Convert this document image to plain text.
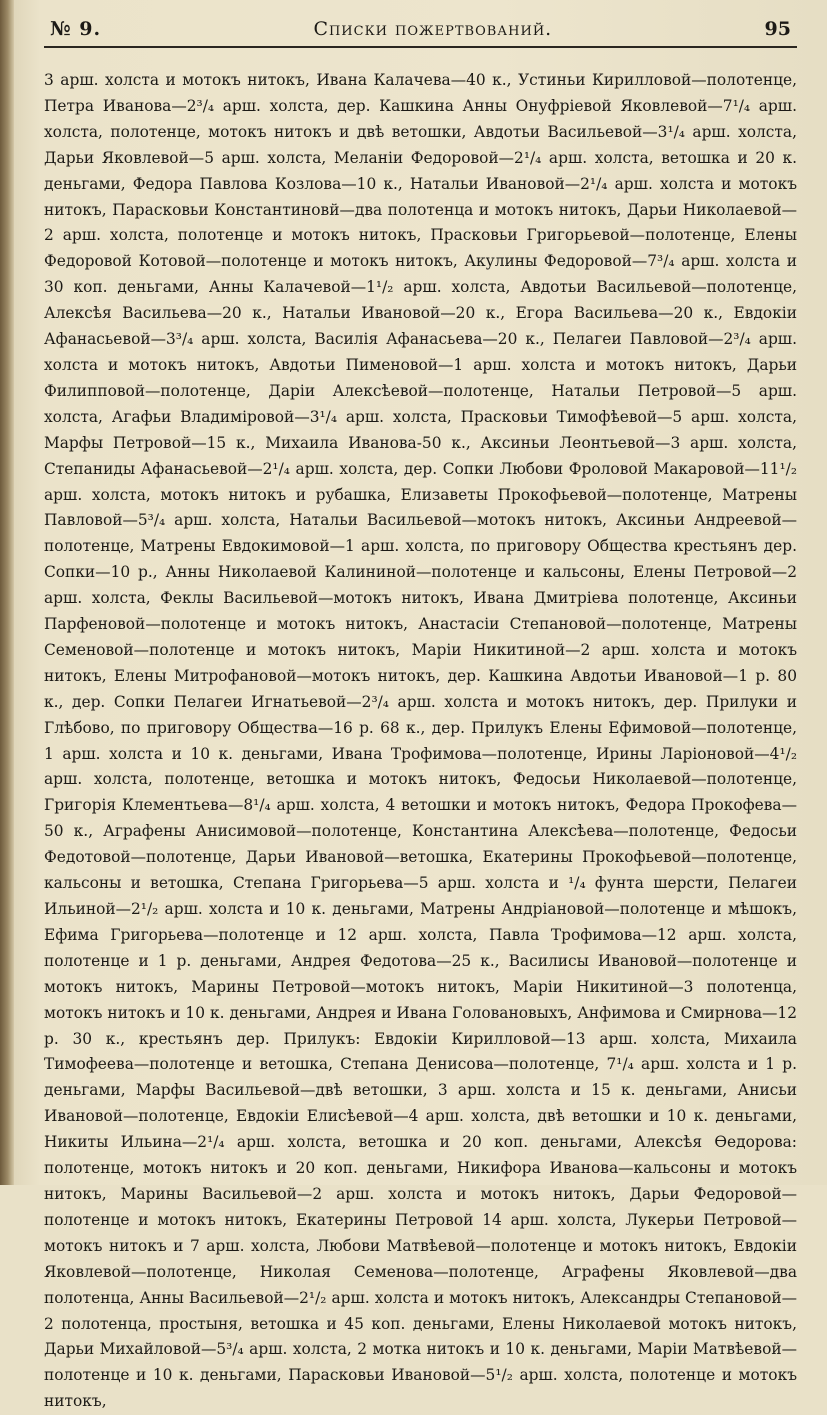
№ 9.	Списки пожертвований.	95
3 арш. холста и мотокъ нитокъ, Ивана Калачева—40 к., Устиньи Кирилловой—полотенце, Петра Иванова—2³/₄ арш. холста, дер. Кашкина Анны Онуфріевой Яковлевой—7¹/₄ арш. холста, полотенце, мотокъ нитокъ и двѣ ветошки, Авдотьи Васильевой—3¹/₄ арш. холста, Дарьи Яковлевой—5 арш. холста, Меланіи Федоровой—2¹/₄ арш. холста, ветошка и 20 к. деньгами, Федора Павлова Козлова—10 к., Натальи Ивановой—2¹/₄ арш. холста и мотокъ нитокъ, Парасковьи Константиновй—два полотенца и мотокъ нитокъ, Дарьи Николаевой—2 арш. холста, полотенце и мотокъ нитокъ, Прасковьи Григорьевой—полотенце, Елены Федоровой Котовой—полотенце и мотокъ нитокъ, Акулины Федоровой—7³/₄ арш. холста и 30 коп. деньгами, Анны Калачевой—1¹/₂ арш. холста, Авдотьи Васильевой—полотенце, Алексѣя Васильева—20 к., Натальи Ивановой—20 к., Егора Васильева—20 к., Евдокіи Афанасьевой—3³/₄ арш. холста, Василія Афанасьева—20 к., Пелагеи Павловой—2³/₄ арш. холста и мотокъ нитокъ, Авдотьи Пименовой—1 арш. холста и мотокъ нитокъ, Дарьи Филипповой—полотенце, Даріи Алексѣевой—полотенце, Натальи Петровой—5 арш. холста, Агафьи Владиміровой—3¹/₄ арш. холста, Прасковьи Тимофѣевой—5 арш. холста, Марфы Петровой—15 к., Михаила Иванова-50 к., Аксиньи Леонтьевой—3 арш. холста, Степаниды Афанасьевой—2¹/₄ арш. холста, дер. Сопки Любови Фроловой Макаровой—11¹/₂ арш. холста, мотокъ нитокъ и рубашка, Елизаветы Прокофьевой—полотенце, Матрены Павловой—5³/₄ арш. холста, Натальи Васильевой—мотокъ нитокъ, Аксиньи Андреевой—полотенце, Матрены Евдокимовой—1 арш. холста, по приговору Общества крестьянъ дер. Сопки—10 р., Анны Николаевой Калининой—полотенце и кальсоны, Елены Петровой—2 арш. холста, Феклы Васильевой—мотокъ нитокъ, Ивана Дмитріева полотенце, Аксиньи Парфеновой—полотенце и мотокъ нитокъ, Анастасіи Степановой—полотенце, Матрены Семеновой—полотенце и мотокъ нитокъ, Маріи Никитиной—2 арш. холста и мотокъ нитокъ, Елены Митрофановой—мотокъ нитокъ, дер. Кашкина Авдотьи Ивановой—1 р. 80 к., дер. Сопки Пелагеи Игнатьевой—2³/₄ арш. холста и мотокъ нитокъ, дер. Прилуки и Глѣбово, по приговору Общества—16 р. 68 к., дер. Прилукъ Елены Ефимовой—полотенце, 1 арш. холста и 10 к. деньгами, Ивана Трофимова—полотенце, Ирины Ларіоновой—4¹/₂ арш. холста, полотенце, ветошка и мотокъ нитокъ, Федосьи Николаевой—полотенце, Григорія Клементьева—8¹/₄ арш. холста, 4 ветошки и мотокъ нитокъ, Федора Прокофева—50 к., Аграфены Анисимовой—полотенце, Константина Алексѣева—полотенце, Федосьи Федотовой—полотенце, Дарьи Ивановой—ветошка, Екатерины Прокофьевой—полотенце, кальсоны и ветошка, Степана Григорьева—5 арш. холста и ¹/₄ фунта шерсти, Пелагеи Ильиной—2¹/₂ арш. холста и 10 к. деньгами, Матрены Андріановой—полотенце и мѣшокъ, Ефима Григорьева—полотенце и 12 арш. холста, Павла Трофимова—12 арш. холста, полотенце и 1 р. деньгами, Андрея Федотова—25 к., Василисы Ивановой—полотенце и мотокъ нитокъ, Марины Петровой—мотокъ нитокъ, Маріи Никитиной—3 полотенца, мотокъ нитокъ и 10 к. деньгами, Андрея и Ивана Головановыхъ, Анфимова и Смирнова—12 р. 30 к., крестьянъ дер. Прилукъ: Евдокіи Кирилловой—13 арш. холста, Михаила Тимофеева—полотенце и ветошка, Степана Денисова—полотенце, 7¹/₄ арш. холста и 1 р. деньгами, Марфы Васильевой—двѣ ветошки, 3 арш. холста и 15 к. деньгами, Анисьи Ивановой—полотенце, Евдокіи Елисѣевой—4 арш. холста, двѣ ветошки и 10 к. деньгами, Никиты Ильина—2¹/₄ арш. холста, ветошка и 20 коп. деньгами, Алексѣя Ѳедорова: полотенце, мотокъ нитокъ и 20 коп. деньгами, Никифора Иванова—кальсоны и мотокъ нитокъ, Марины Васильевой—2 арш. холста и мотокъ нитокъ, Дарьи Федоровой—полотенце и мотокъ нитокъ, Екатерины Петровой 14 арш. холста, Лукерьи Петровой—мотокъ нитокъ и 7 арш. холста, Любови Матвѣевой—полотенце и мотокъ нитокъ, Евдокіи Яковлевой—полотенце, Николая Семенова—полотенце, Аграфены Яковлевой—два полотенца, Анны Васильевой—2¹/₂ арш. холста и мотокъ нитокъ, Александры Степановой—2 полотенца, простыня, ветошка и 45 коп. деньгами, Елены Николаевой мотокъ нитокъ, Дарьи Михайловой—5³/₄ арш. холста, 2 мотка нитокъ и 10 к. деньгами, Маріи Матвѣевой—полотенце и 10 к. деньгами, Парасковьи Ивановой—5¹/₂ арш. холста, полотенце и мотокъ нитокъ,
